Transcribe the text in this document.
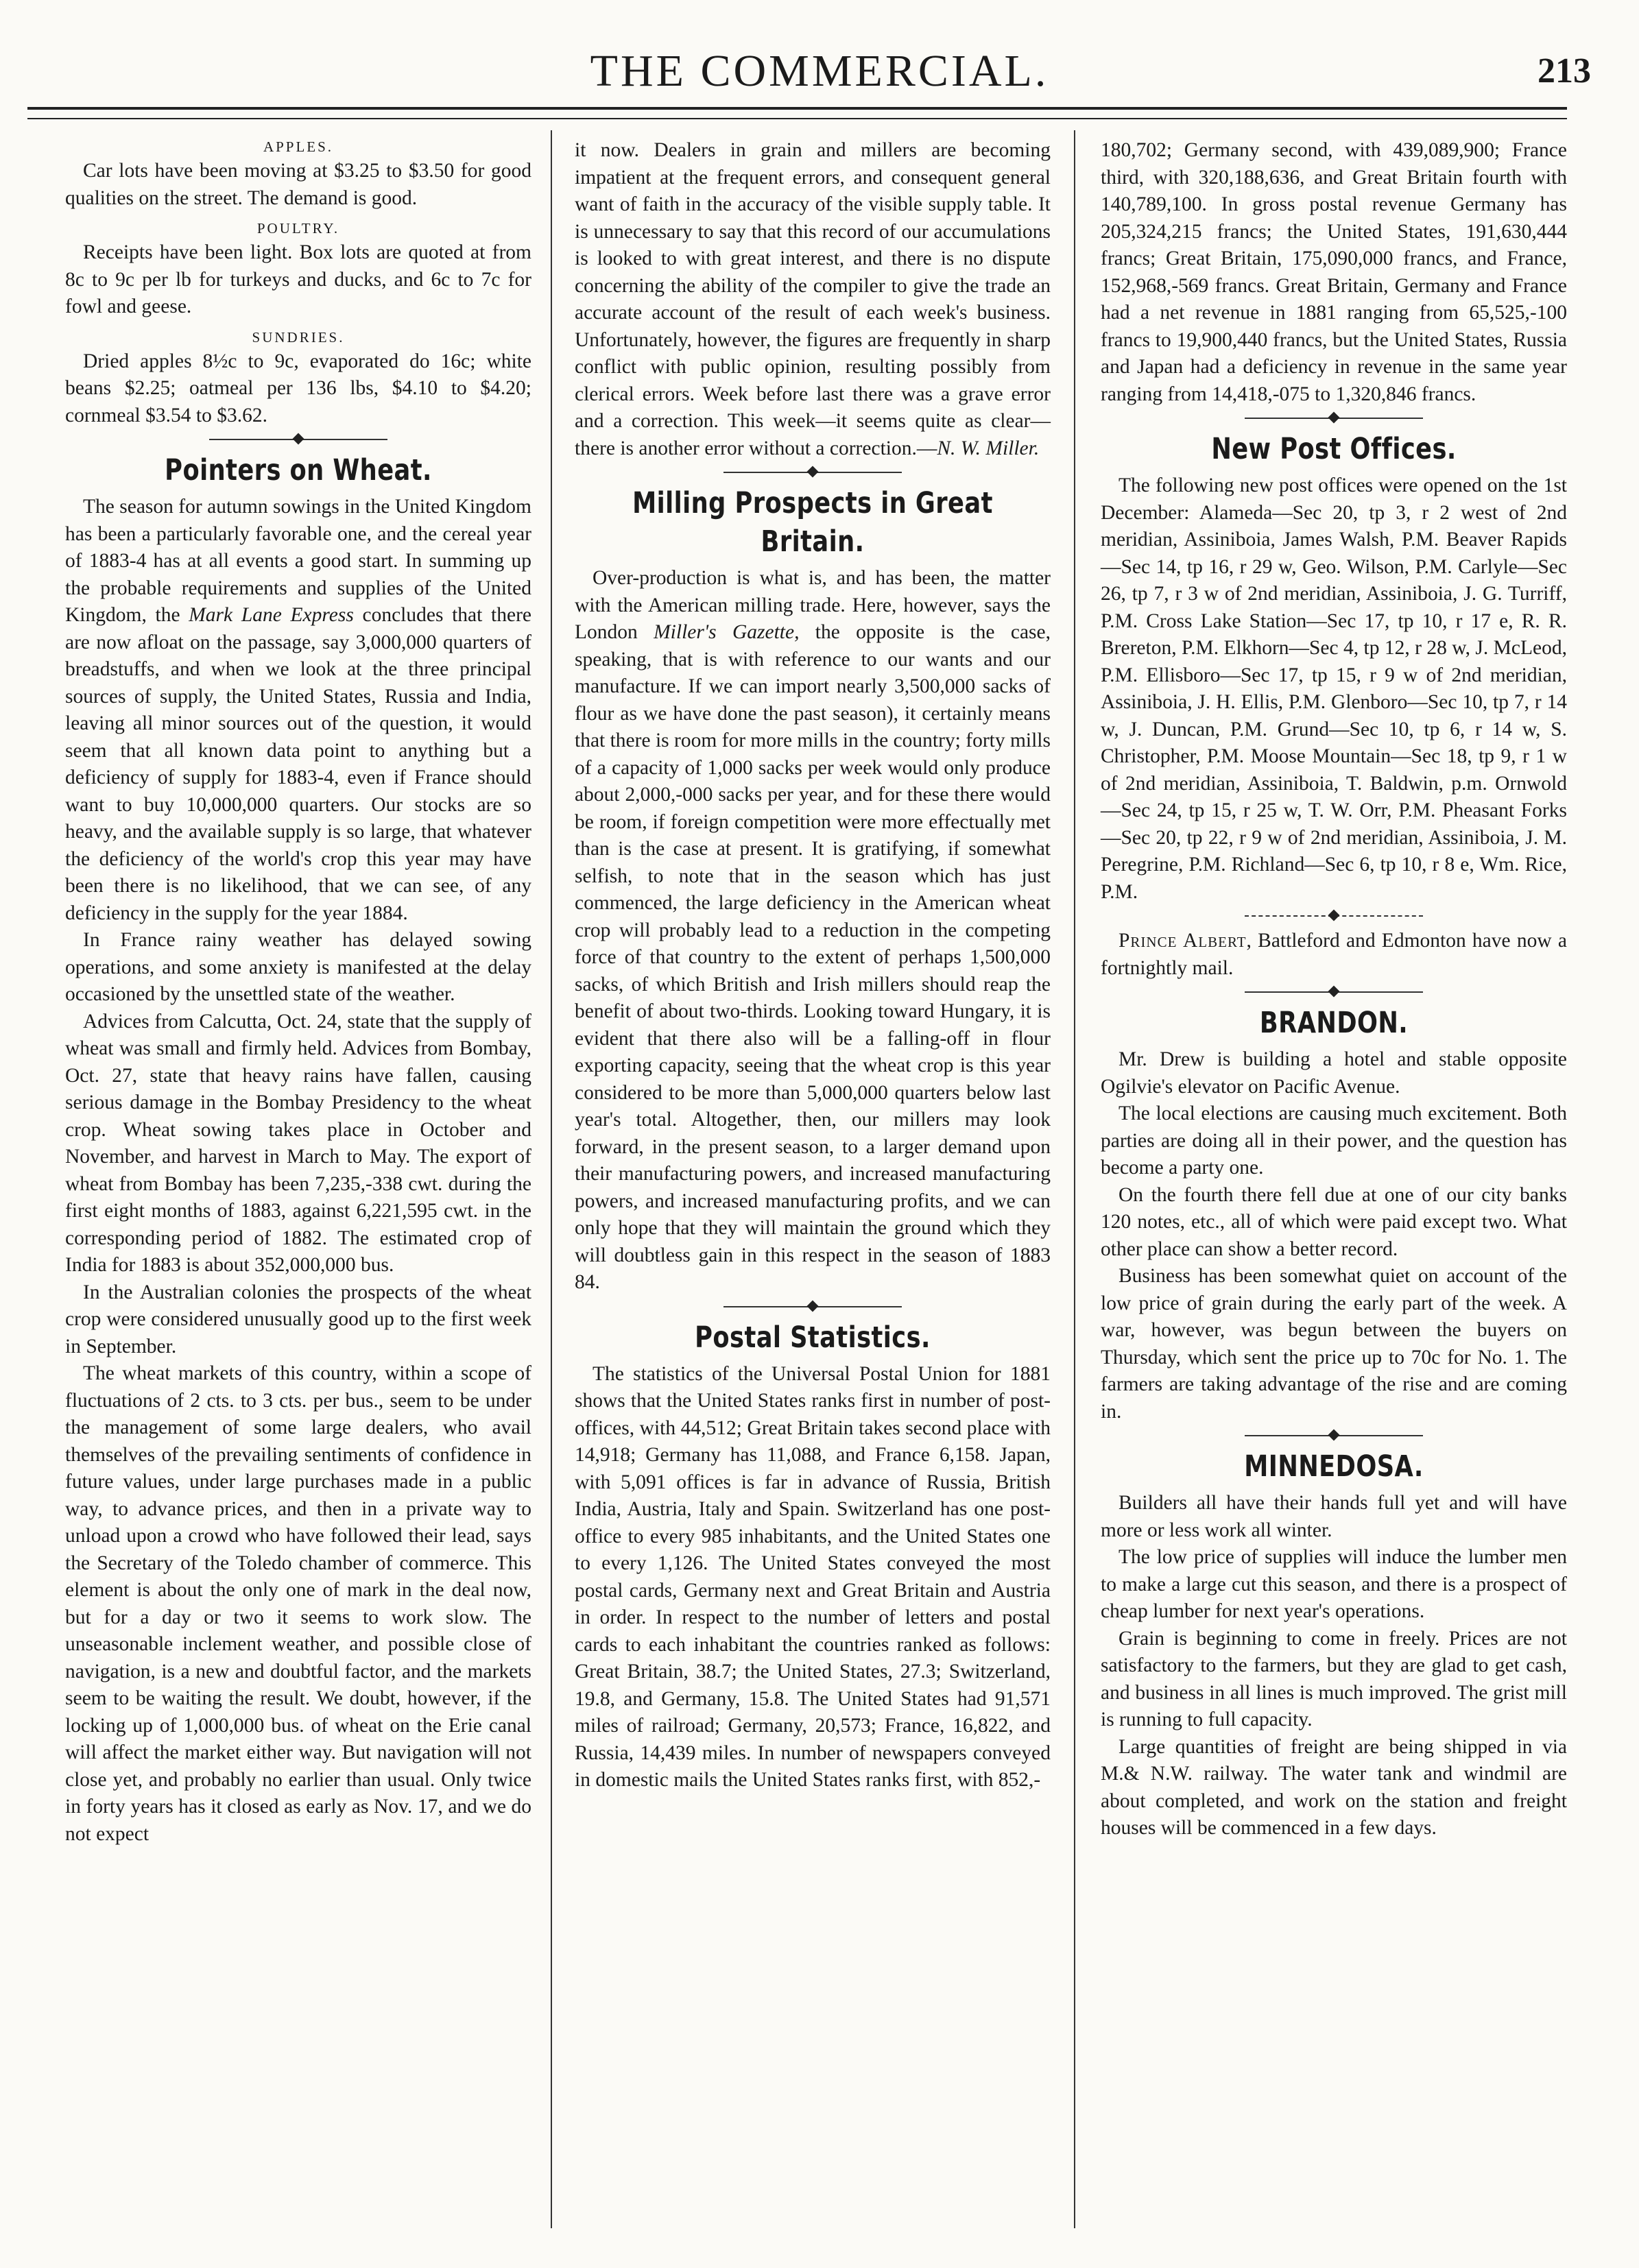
THE COMMERCIAL.	213
APPLES.

Car lots have been moving at $3.25 to $3.50 for good qualities on the street. The demand is good.

POULTRY.

Receipts have been light. Box lots are quoted at from 8c to 9c per lb for turkeys and ducks, and 6c to 7c for fowl and geese.

SUNDRIES.

Dried apples 8½c to 9c, evaporated do 16c; white beans $2.25; oatmeal per 136 lbs, $4.10 to $4.20; cornmeal $3.54 to $3.62.

Pointers on Wheat.

The season for autumn sowings in the United Kingdom has been a particularly favorable one, and the cereal year of 1883-4 has at all events a good start. In summing up the probable requirements and supplies of the United Kingdom, the Mark Lane Express concludes that there are now afloat on the passage, say 3,000,000 quarters of breadstuffs, and when we look at the three principal sources of supply, the United States, Russia and India, leaving all minor sources out of the question, it would seem that all known data point to anything but a deficiency of supply for 1883-4, even if France should want to buy 10,000,000 quarters. Our stocks are so heavy, and the available supply is so large, that whatever the deficiency of the world's crop this year may have been there is no likelihood, that we can see, of any deficiency in the supply for the year 1884.

In France rainy weather has delayed sowing operations, and some anxiety is manifested at the delay occasioned by the unsettled state of the weather.

Advices from Calcutta, Oct. 24, state that the supply of wheat was small and firmly held. Advices from Bombay, Oct. 27, state that heavy rains have fallen, causing serious damage in the Bombay Presidency to the wheat crop. Wheat sowing takes place in October and November, and harvest in March to May. The export of wheat from Bombay has been 7,235,-338 cwt. during the first eight months of 1883, against 6,221,595 cwt. in the corresponding period of 1882. The estimated crop of India for 1883 is about 352,000,000 bus.

In the Australian colonies the prospects of the wheat crop were considered unusually good up to the first week in September.

The wheat markets of this country, within a scope of fluctuations of 2 cts. to 3 cts. per bus., seem to be under the management of some large dealers, who avail themselves of the prevailing sentiments of confidence in future values, under large purchases made in a public way, to advance prices, and then in a private way to unload upon a crowd who have followed their lead, says the Secretary of the Toledo chamber of commerce. This element is about the only one of mark in the deal now, but for a day or two it seems to work slow. The unseasonable inclement weather, and possible close of navigation, is a new and doubtful factor, and the markets seem to be waiting the result. We doubt, however, if the locking up of 1,000,000 bus. of wheat on the Erie canal will affect the market either way. But navigation will not close yet, and probably no earlier than usual. Only twice in forty years has it closed as early as Nov. 17, and we do not expect

it now. Dealers in grain and millers are becoming impatient at the frequent errors, and consequent general want of faith in the accuracy of the visible supply table. It is unnecessary to say that this record of our accumulations is looked to with great interest, and there is no dispute concerning the ability of the compiler to give the trade an accurate account of the result of each week's business. Unfortunately, however, the figures are frequently in sharp conflict with public opinion, resulting possibly from clerical errors. Week before last there was a grave error and a correction. This week—it seems quite as clear—there is another error without a correction.—N. W. Miller.

Milling Prospects in Great Britain.

Over-production is what is, and has been, the matter with the American milling trade. Here, however, says the London Miller's Gazette, the opposite is the case, speaking, that is with reference to our wants and our manufacture. If we can import nearly 3,500,000 sacks of flour as we have done the past season), it certainly means that there is room for more mills in the country; forty mills of a capacity of 1,000 sacks per week would only produce about 2,000,-000 sacks per year, and for these there would be room, if foreign competition were more effectually met than is the case at present. It is gratifying, if somewhat selfish, to note that in the season which has just commenced, the large deficiency in the American wheat crop will probably lead to a reduction in the competing force of that country to the extent of perhaps 1,500,000 sacks, of which British and Irish millers should reap the benefit of about two-thirds. Looking toward Hungary, it is evident that there also will be a falling-off in flour exporting capacity, seeing that the wheat crop is this year considered to be more than 5,000,000 quarters below last year's total. Altogether, then, our millers may look forward, in the present season, to a larger demand upon their manufacturing powers, and increased manufacturing powers, and increased manufacturing profits, and we can only hope that they will maintain the ground which they will doubtless gain in this respect in the season of 1883 84.

Postal Statistics.

The statistics of the Universal Postal Union for 1881 shows that the United States ranks first in number of post-offices, with 44,512; Great Britain takes second place with 14,918; Germany has 11,088, and France 6,158. Japan, with 5,091 offices is far in advance of Russia, British India, Austria, Italy and Spain. Switzerland has one post-office to every 985 inhabitants, and the United States one to every 1,126. The United States conveyed the most postal cards, Germany next and Great Britain and Austria in order. In respect to the number of letters and postal cards to each inhabitant the countries ranked as follows: Great Britain, 38.7; the United States, 27.3; Switzerland, 19.8, and Germany, 15.8. The United States had 91,571 miles of railroad; Germany, 20,573; France, 16,822, and Russia, 14,439 miles. In number of newspapers conveyed in domestic mails the United States ranks first, with 852,-

180,702; Germany second, with 439,089,900; France third, with 320,188,636, and Great Britain fourth with 140,789,100. In gross postal revenue Germany has 205,324,215 francs; the United States, 191,630,444 francs; Great Britain, 175,090,000 francs, and France, 152,968,-569 francs. Great Britain, Germany and France had a net revenue in 1881 ranging from 65,525,-100 francs to 19,900,440 francs, but the United States, Russia and Japan had a deficiency in revenue in the same year ranging from 14,418,-075 to 1,320,846 francs.

New Post Offices.

The following new post offices were opened on the 1st December: Alameda—Sec 20, tp 3, r 2 west of 2nd meridian, Assiniboia, James Walsh, P.M. Beaver Rapids—Sec 14, tp 16, r 29 w, Geo. Wilson, P.M. Carlyle—Sec 26, tp 7, r 3 w of 2nd meridian, Assiniboia, J. G. Turriff, P.M. Cross Lake Station—Sec 17, tp 10, r 17 e, R. R. Brereton, P.M. Elkhorn—Sec 4, tp 12, r 28 w, J. McLeod, P.M. Ellisboro—Sec 17, tp 15, r 9 w of 2nd meridian, Assiniboia, J. H. Ellis, P.M. Glenboro—Sec 10, tp 7, r 14 w, J. Duncan, P.M. Grund—Sec 10, tp 6, r 14 w, S. Christopher, P.M. Moose Mountain—Sec 18, tp 9, r 1 w of 2nd meridian, Assiniboia, T. Baldwin, p.m. Ornwold—Sec 24, tp 15, r 25 w, T. W. Orr, P.M. Pheasant Forks—Sec 20, tp 22, r 9 w of 2nd meridian, Assiniboia, J. M. Peregrine, P.M. Richland—Sec 6, tp 10, r 8 e, Wm. Rice, P.M.

Prince Albert, Battleford and Edmonton have now a fortnightly mail.

BRANDON.

Mr. Drew is building a hotel and stable opposite Ogilvie's elevator on Pacific Avenue.

The local elections are causing much excitement. Both parties are doing all in their power, and the question has become a party one.

On the fourth there fell due at one of our city banks 120 notes, etc., all of which were paid except two. What other place can show a better record.

Business has been somewhat quiet on account of the low price of grain during the early part of the week. A war, however, was begun between the buyers on Thursday, which sent the price up to 70c for No. 1. The farmers are taking advantage of the rise and are coming in.

MINNEDOSA.

Builders all have their hands full yet and will have more or less work all winter.

The low price of supplies will induce the lumber men to make a large cut this season, and there is a prospect of cheap lumber for next year's operations.

Grain is beginning to come in freely. Prices are not satisfactory to the farmers, but they are glad to get cash, and business in all lines is much improved. The grist mill is running to full capacity.

Large quantities of freight are being shipped in via M.& N.W. railway. The water tank and windmil are about completed, and work on the station and freight houses will be commenced in a few days.
